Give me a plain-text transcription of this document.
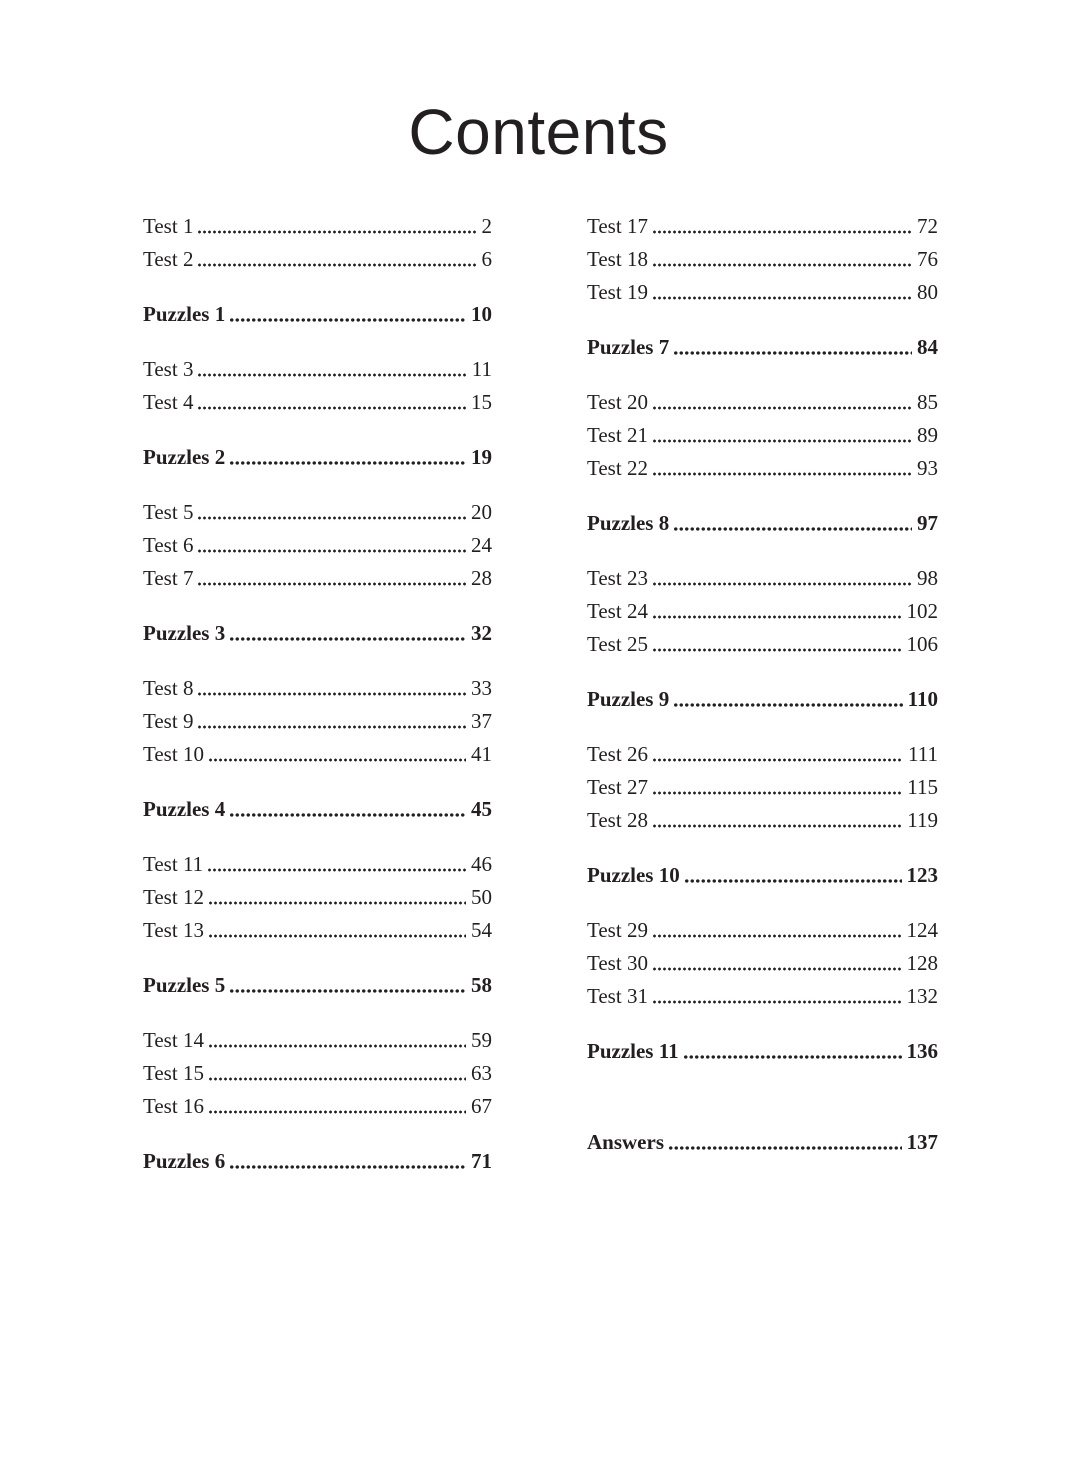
Contents
Test 1	2
Test 2	6
Puzzles 1	10
Test 3	11
Test 4	15
Puzzles 2	19
Test 5	20
Test 6	24
Test 7	28
Puzzles 3	32
Test 8	33
Test 9	37
Test 10	41
Puzzles 4	45
Test 11	46
Test 12	50
Test 13	54
Puzzles 5	58
Test 14	59
Test 15	63
Test 16	67
Puzzles 6	71
Test 17	72
Test 18	76
Test 19	80
Puzzles 7	84
Test 20	85
Test 21	89
Test 22	93
Puzzles 8	97
Test 23	98
Test 24	102
Test 25	106
Puzzles 9	110
Test 26	111
Test 27	115
Test 28	119
Puzzles 10	123
Test 29	124
Test 30	128
Test 31	132
Puzzles 11	136
Answers	137
